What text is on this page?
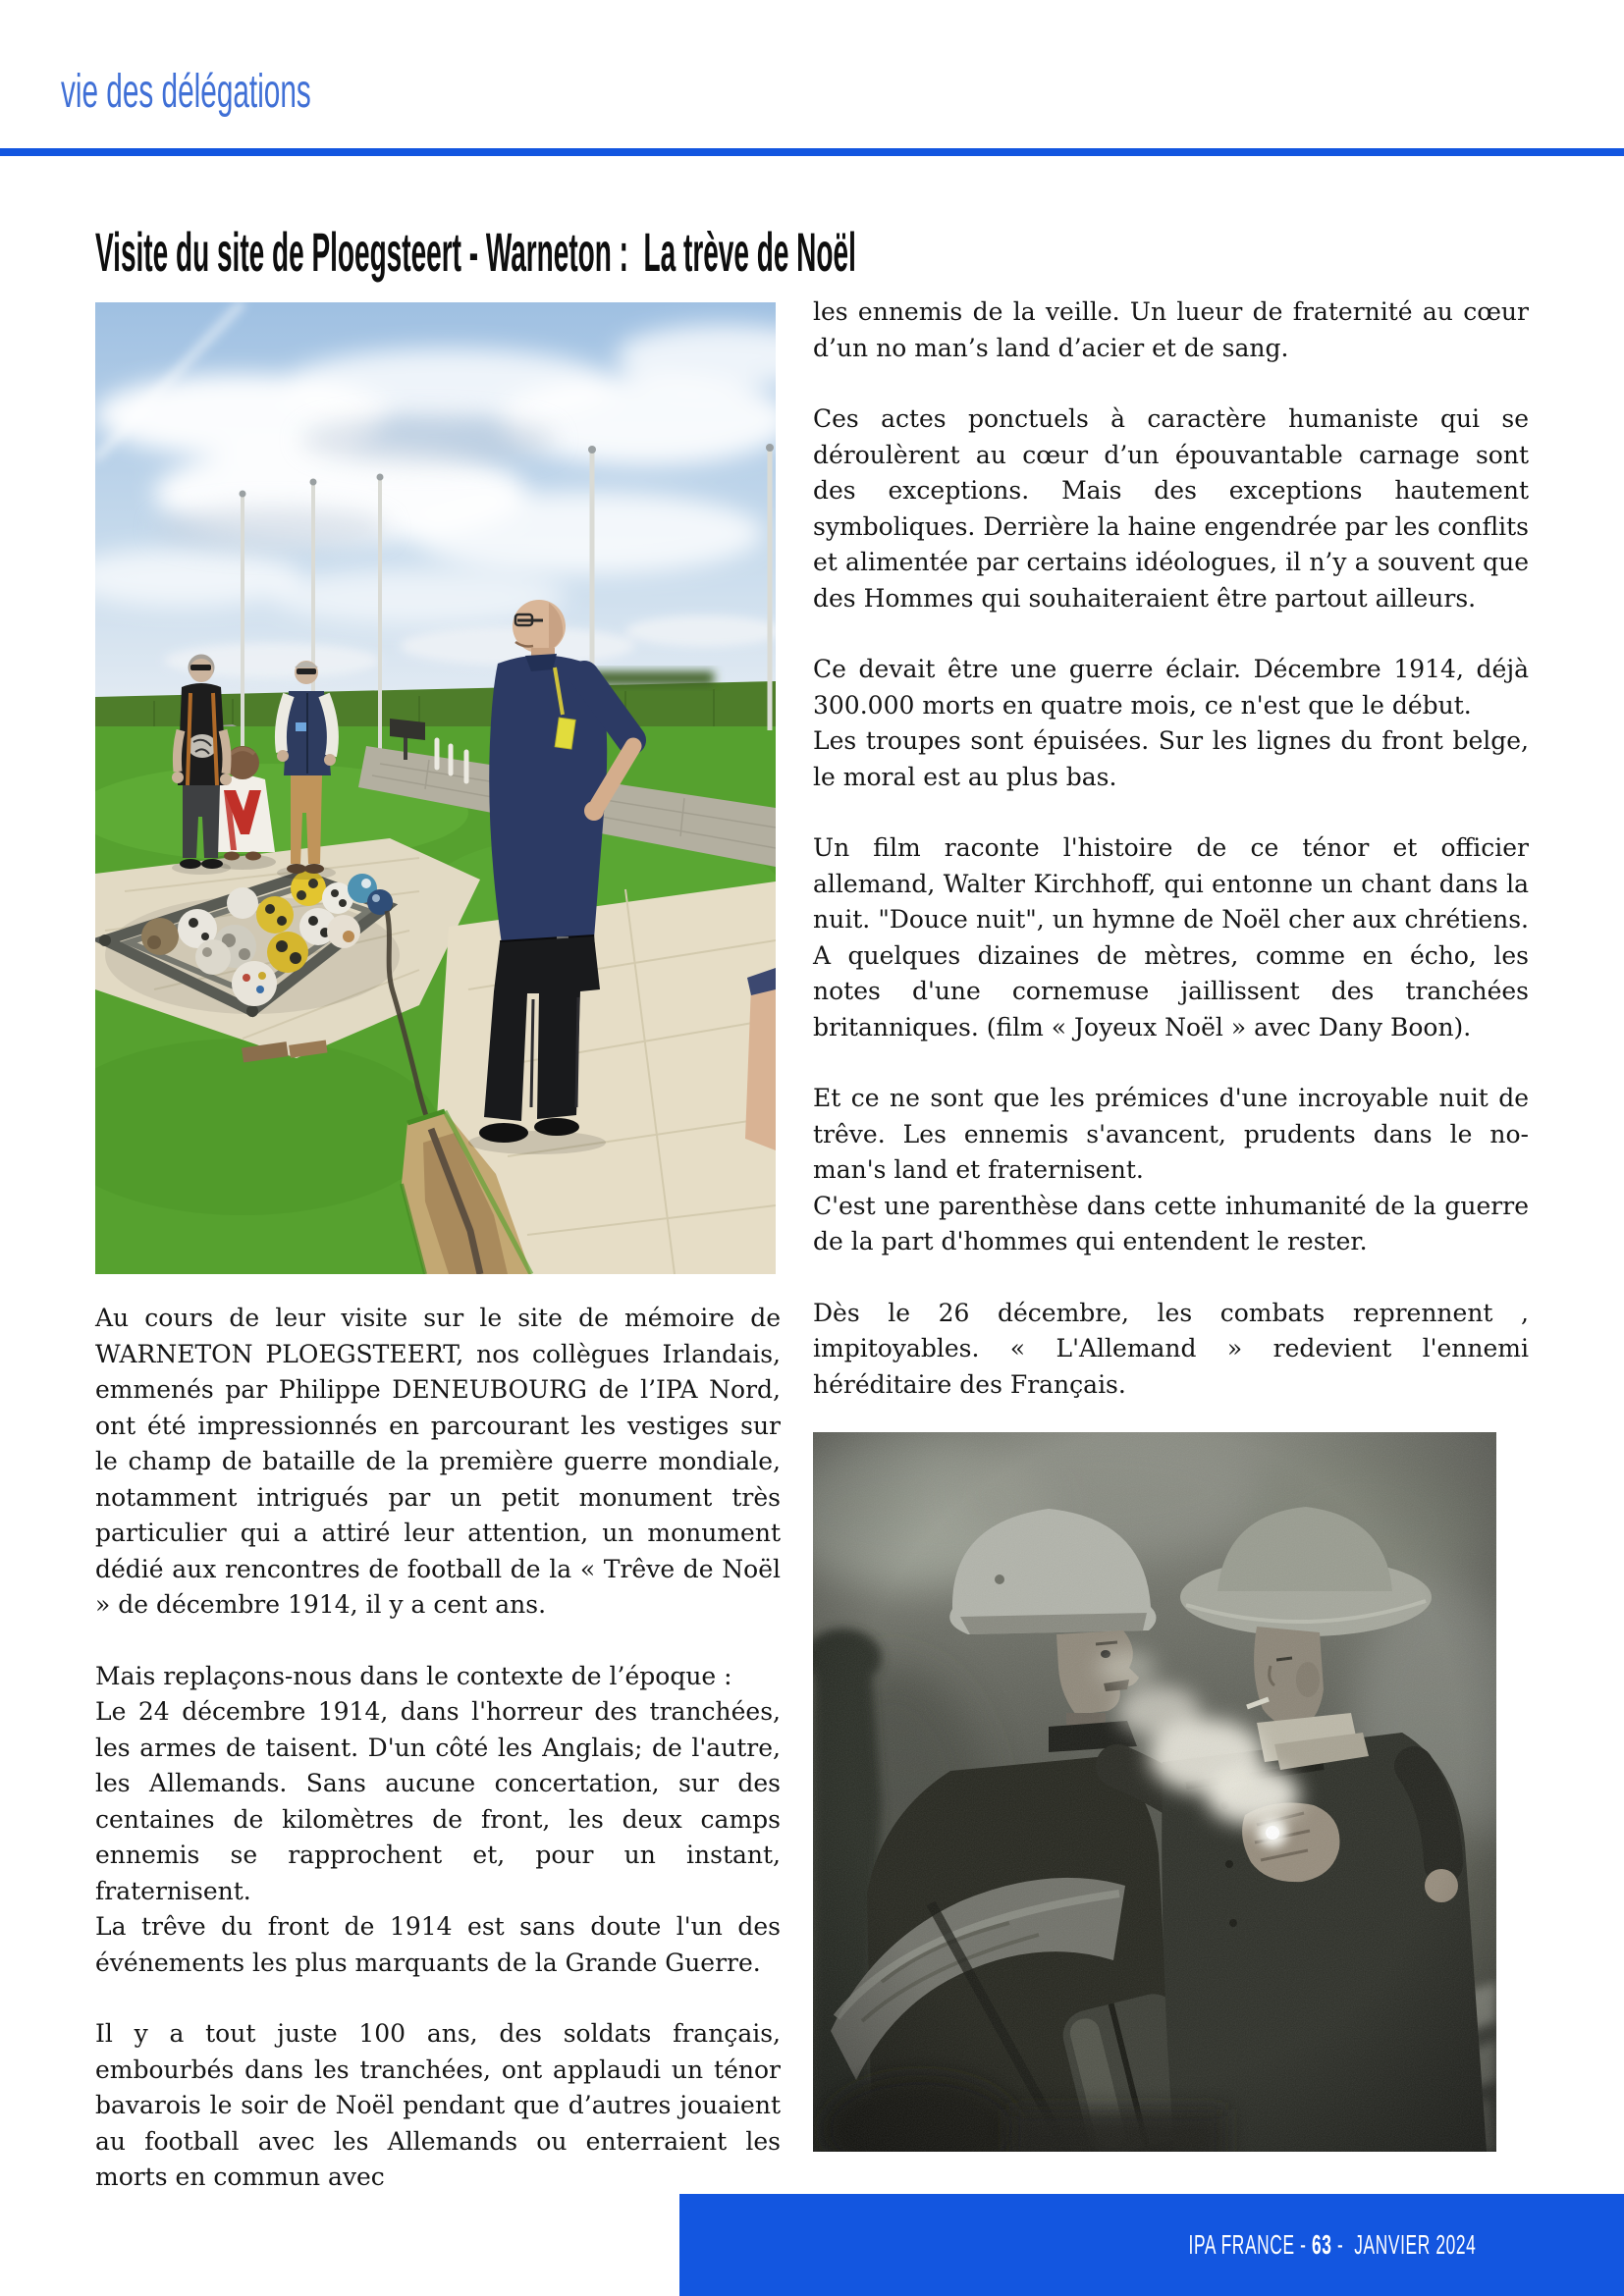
vie des délégations
Visite du site de Ploegsteert - Warneton :  La trève de Noël

Au cours de leur visite sur le site de mémoire de WARNETON PLOEGSTEERT, nos collègues Irlandais, emmenés par Philippe DENEUBOURG de l’IPA Nord, ont été impressionnés en parcourant les vestiges sur le champ de bataille de la première guerre mondiale, notamment intrigués par un petit monument très particulier qui a attiré leur attention, un monument dédié aux rencontres de football de la « Trêve de Noël » de décembre 1914, il y a cent ans.

Mais replaçons-nous dans le contexte de l’époque :

Le 24 décembre 1914, dans l'horreur des tranchées, les armes de taisent. D'un côté les Anglais; de l'autre, les Allemands. Sans aucune concertation, sur des centaines de kilomètres de front, les deux camps ennemis se rapprochent et, pour un instant, fraternisent.

La trêve du front de 1914 est sans doute l'un des événements les plus marquants de la Grande Guerre.

Il y a tout juste 100 ans, des soldats français, embourbés dans les tranchées, ont applaudi un ténor bavarois le soir de Noël pendant que d’autres jouaient au football avec les Allemands ou enterraient les morts en commun avec

les ennemis de la veille. Un lueur de fraternité au cœur d’un no man’s land d’acier et de sang.

Ces actes ponctuels à caractère humaniste qui se déroulèrent au cœur d’un épouvantable carnage sont des exceptions. Mais des exceptions hautement symboliques. Derrière la haine engendrée par les conflits et alimentée par certains idéologues, il n’y a souvent que des Hommes qui souhaiteraient être partout ailleurs.

Ce devait être une guerre éclair. Décembre 1914, déjà 300.000 morts en quatre mois, ce n'est que le début.

Les troupes sont épuisées. Sur les lignes du front belge, le moral est au plus bas.

Un film raconte l'histoire de ce ténor et officier allemand, Walter Kirchhoff, qui entonne un chant dans la nuit. "Douce nuit", un hymne de Noël cher aux chrétiens. A quelques dizaines de mètres, comme en écho, les notes d'une cornemuse jaillissent des tranchées britanniques. (film « Joyeux Noël » avec Dany Boon).

Et ce ne sont que les prémices d'une incroyable nuit de trêve. Les ennemis s'avancent, prudents dans le no-man's land et fraternisent.

C'est une parenthèse dans cette inhumanité de la guerre de la part d'hommes qui entendent le rester.

Dès le 26 décembre, les combats reprennent , impitoyables. « L'Allemand » redevient l'ennemi héréditaire des Français.

IPA FRANCE - 63 -  JANVIER 2024
